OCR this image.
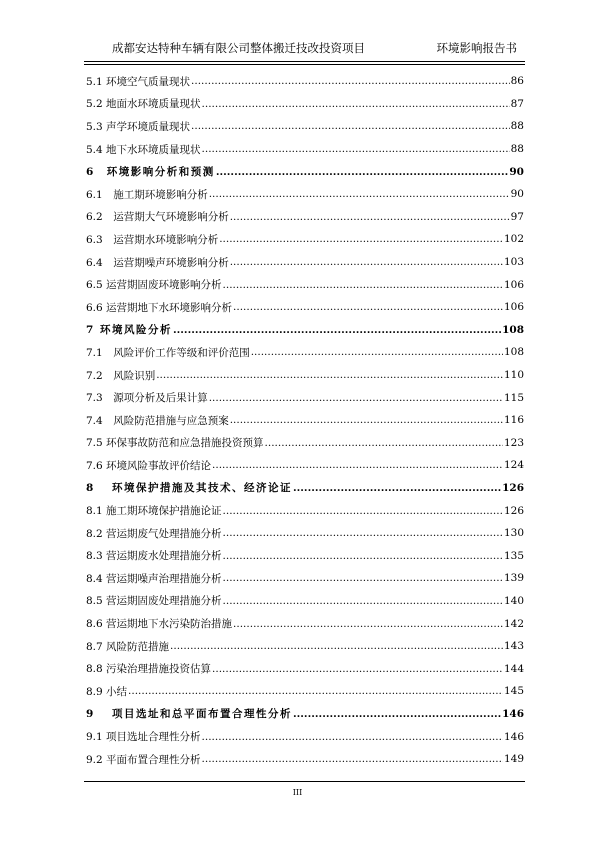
成都安达特种车辆有限公司整体搬迁技改投资项目	环境影响报告书
5.1 环境空气质量现状 .....	86
5.2 地面水环境质量现状 .....	87
5.3 声学环境质量现状 .....	88
5.4 地下水环境质量现状 .....	88
6　环境影响分析和预测 .....	90
6.1　施工期环境影响分析 .....	90
6.2　运营期大气环境影响分析 .....	97
6.3　运营期水环境影响分析 .....	102
6.4　运营期噪声环境影响分析 .....	103
6.5 运营期固废环境影响分析 .....	106
6.6 运营期地下水环境影响分析 .....	106
7 环境风险分析 .....	108
7.1　风险评价工作等级和评价范围 .....	108
7.2　风险识别 .....	110
7.3　源项分析及后果计算 .....	115
7.4　风险防范措施与应急预案 .....	116
7.5 环保事故防范和应急措施投资预算 .....	123
7.6 环境风险事故评价结论 .....	124
8　 环境保护措施及其技术、经济论证 .....	126
8.1 施工期环境保护措施论证 .....	126
8.2 营运期废气处理措施分析 .....	130
8.3 营运期废水处理措施分析 .....	135
8.4 营运期噪声治理措施分析 .....	139
8.5 营运期固废处理措施分析 .....	140
8.6 营运期地下水污染防治措施 .....	142
8.7 风险防范措施 .....	143
8.8 污染治理措施投资估算 .....	144
8.9 小结 .....	145
9　 项目选址和总平面布置合理性分析 .....	146
9.1 项目选址合理性分析 .....	146
9.2 平面布置合理性分析 .....	149
III
